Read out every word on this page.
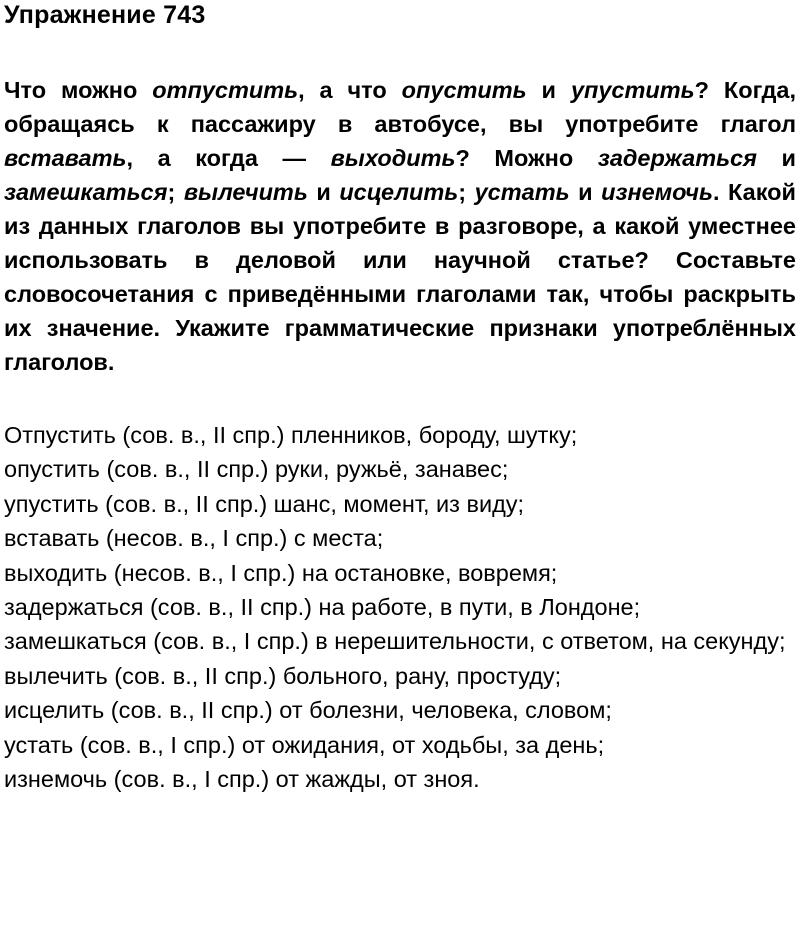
Упражнение 743

Что можно отпустить, а что опустить и упустить? Когда, обращаясь к пассажиру в автобусе, вы употребите глагол вставать, а когда — выходить? Можно задержаться и замешкаться; вылечить и исцелить; устать и изнемочь. Какой из данных глаголов вы употребите в разговоре, а какой уместнее использовать в деловой или научной статье? Составьте словосочетания с приведёнными глаголами так, чтобы раскрыть их значение. Укажите грамматические признаки употреблённых глаголов.

Отпустить (сов. в., II спр.) пленников, бороду, шутку;
опустить (сов. в., II спр.) руки, ружьё, занавес;
упустить (сов. в., II спр.) шанс, момент, из виду;
вставать (несов. в., I спр.) с места;
выходить (несов. в., I спр.) на остановке, вовремя;
задержаться (сов. в., II спр.) на работе, в пути, в Лондоне;
замешкаться (сов. в., I спр.) в нерешительности, с ответом, на секунду;
вылечить (сов. в., II спр.) больного, рану, простуду;
исцелить (сов. в., II спр.) от болезни, человека, словом;
устать (сов. в., I спр.) от ожидания, от ходьбы, за день;
изнемочь (сов. в., I спр.) от жажды, от зноя.
